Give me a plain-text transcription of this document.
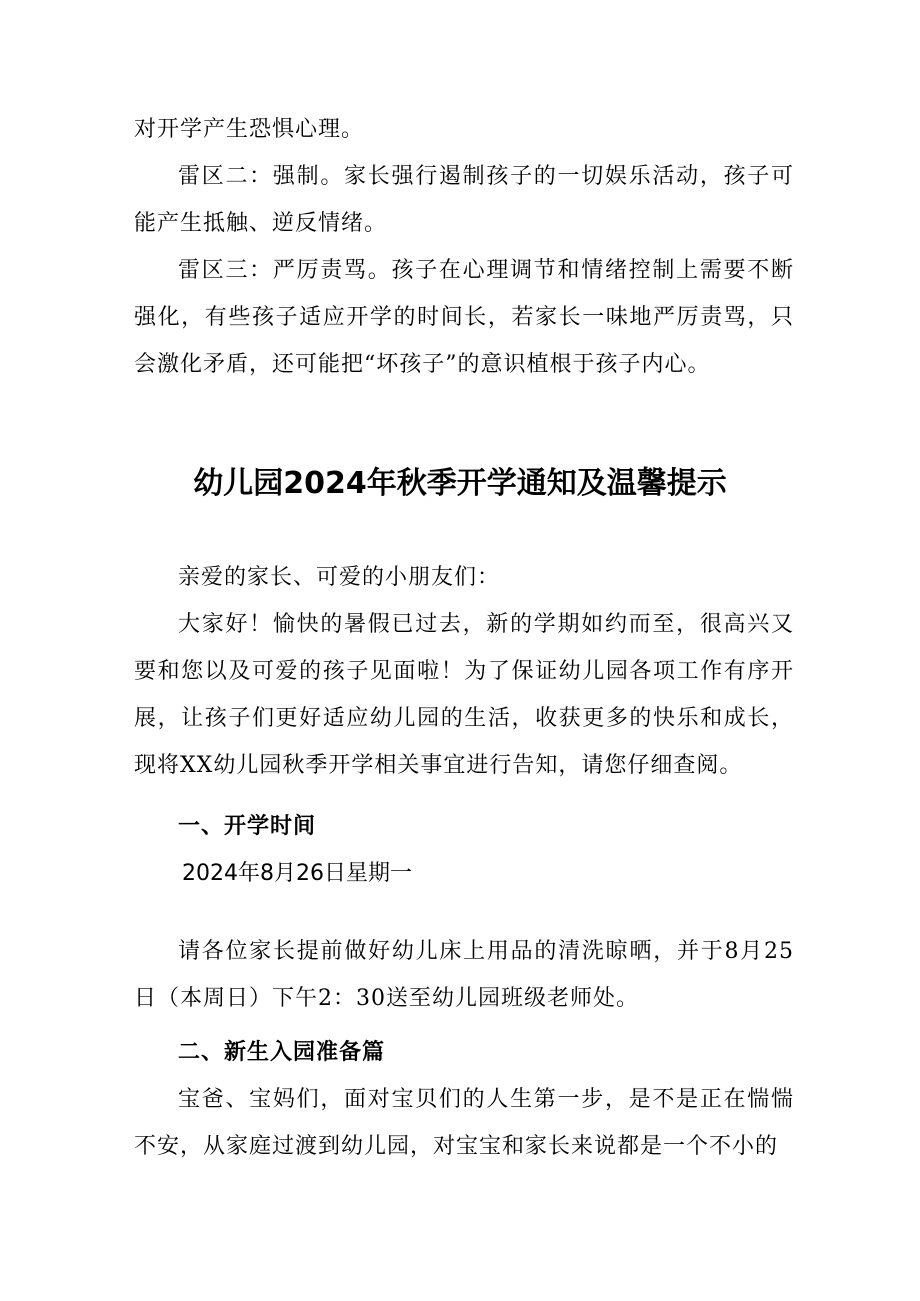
对开学产生恐惧心理。

雷区二：强制。家长强行遏制孩子的一切娱乐活动，孩子可能产生抵触、逆反情绪。

雷区三：严厉责骂。孩子在心理调节和情绪控制上需要不断强化，有些孩子适应开学的时间长，若家长一味地严厉责骂，只会激化矛盾，还可能把“坏孩子”的意识植根于孩子内心。

幼儿园2024年秋季开学通知及温馨提示

亲爱的家长、可爱的小朋友们：

大家好！愉快的暑假已过去，新的学期如约而至，很高兴又要和您以及可爱的孩子见面啦！为了保证幼儿园各项工作有序开展，让孩子们更好适应幼儿园的生活，收获更多的快乐和成长，现将XX幼儿园秋季开学相关事宜进行告知，请您仔细查阅。

一、开学时间

2024年8月26日星期一

请各位家长提前做好幼儿床上用品的清洗晾晒，并于8月25日（本周日）下午2：30送至幼儿园班级老师处。

二、新生入园准备篇

宝爸、宝妈们，面对宝贝们的人生第一步，是不是正在惴惴不安，从家庭过渡到幼儿园，对宝宝和家长来说都是一个不小的
